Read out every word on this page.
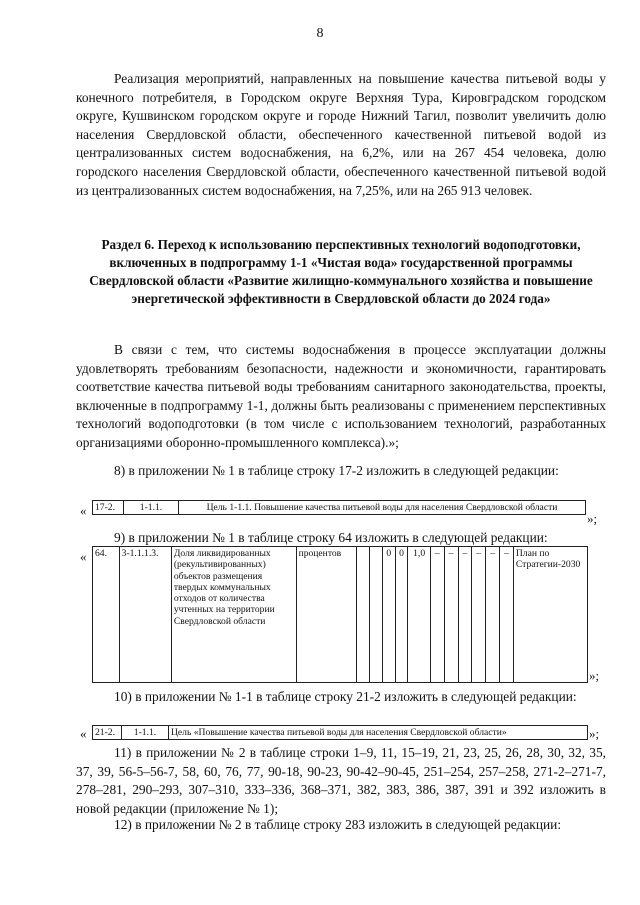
8

Реализация мероприятий, направленных на повышение качества питьевой воды у конечного потребителя, в Городском округе Верхняя Тура, Кировградском городском округе, Кушвинском городском округе и городе Нижний Тагил, позволит увеличить долю населения Свердловской области, обеспеченного качественной питьевой водой из централизованных систем водоснабжения, на 6,2%, или на 267 454 человека, долю городского населения Свердловской области, обеспеченного качественной питьевой водой из централизованных систем водоснабжения, на 7,25%, или на 265 913 человек.

Раздел 6. Переход к использованию перспективных технологий водоподготовки, включенных в подпрограмму 1-1 «Чистая вода» государственной программы Свердловской области «Развитие жилищно-коммунального хозяйства и повышение энергетической эффективности в Свердловской области до 2024 года»

В связи с тем, что системы водоснабжения в процессе эксплуатации должны удовлетворять требованиям безопасности, надежности и экономичности, гарантировать соответствие качества питьевой воды требованиям санитарного законодательства, проекты, включенные в подпрограмму 1-1, должны быть реализованы с применением перспективных технологий водоподготовки (в том числе с использованием технологий, разработанных организациями оборонно-промышленного комплекса).»;

8) в приложении № 1 в таблице строку 17-2 изложить в следующей редакции:

« 17-2.	1-1.1.	Цель 1-1.1. Повышение качества питьевой воды для населения Свердловской области
»;

9) в приложении № 1 в таблице строку 64 изложить в следующей редакции:

« 64.	3-1.1.1.3.	Доля ликвидированных (рекультивированных) объектов размещения твердых коммунальных отходов от количества учтенных на территории Свердловской области	процентов			0	0	1,0	–	–	–	–	–	–	План по Стратегии-2030
»;

10) в приложении № 1-1 в таблице строку 21-2 изложить в следующей редакции:

« 21-2.	1-1.1.	Цель «Повышение качества питьевой воды для населения Свердловской области»	»;

11) в приложении № 2 в таблице строки 1–9, 11, 15–19, 21, 23, 25, 26, 28, 30, 32, 35, 37, 39, 56-5–56-7, 58, 60, 76, 77, 90-18, 90-23, 90-42–90-45, 251–254, 257–258, 271-2–271-7, 278–281, 290–293, 307–310, 333–336, 368–371, 382, 383, 386, 387, 391 и 392 изложить в новой редакции (приложение № 1);

12) в приложении № 2 в таблице строку 283 изложить в следующей редакции:
